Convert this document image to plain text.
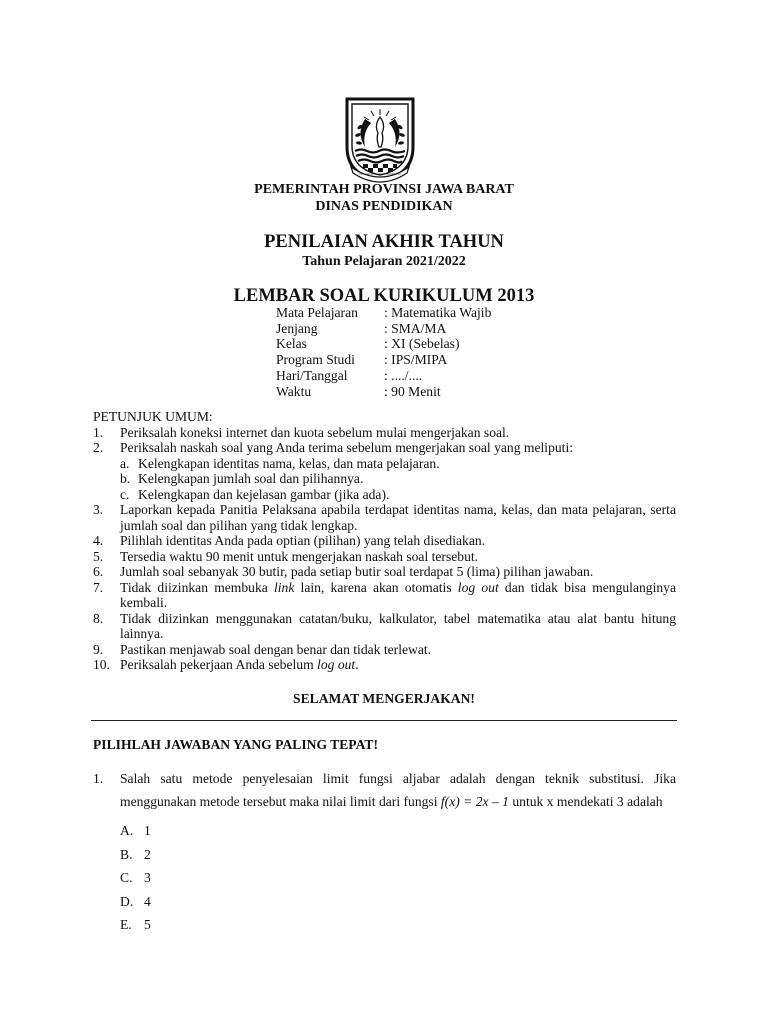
PEMERINTAH PROVINSI JAWA BARAT
DINAS PENDIDIKAN
PENILAIAN AKHIR TAHUN
Tahun Pelajaran 2021/2022
LEMBAR SOAL KURIKULUM 2013
Mata Pelajaran	: Matematika Wajib
Jenjang	: SMA/MA
Kelas	: XI (Sebelas)
Program Studi	: IPS/MIPA
Hari/Tanggal	: ..../....
Waktu	: 90 Menit
PETUNJUK UMUM:
1.	Periksalah koneksi internet dan kuota sebelum mulai mengerjakan soal.
2.	Periksalah naskah soal yang Anda terima sebelum mengerjakan soal yang meliputi:
a. Kelengkapan identitas nama, kelas, dan mata pelajaran.
b. Kelengkapan jumlah soal dan pilihannya.
c. Kelengkapan dan kejelasan gambar (jika ada).
3.	Laporkan kepada Panitia Pelaksana apabila terdapat identitas nama, kelas, dan mata pelajaran, serta jumlah soal dan pilihan yang tidak lengkap.
4.	Pilihlah identitas Anda pada optian (pilihan) yang telah disediakan.
5.	Tersedia waktu 90 menit untuk mengerjakan naskah soal tersebut.
6.	Jumlah soal sebanyak 30 butir, pada setiap butir soal terdapat 5 (lima) pilihan jawaban.
7.	Tidak diizinkan membuka link lain, karena akan otomatis log out dan tidak bisa mengulanginya kembali.
8.	Tidak diizinkan menggunakan catatan/buku, kalkulator, tabel matematika atau alat bantu hitung lainnya.
9.	Pastikan menjawab soal dengan benar dan tidak terlewat.
10. Periksalah pekerjaan Anda sebelum log out.
SELAMAT MENGERJAKAN!
PILIHLAH JAWABAN YANG PALING TEPAT!
1.	Salah satu metode penyelesaian limit fungsi aljabar adalah dengan teknik substitusi. Jika menggunakan metode tersebut maka nilai limit dari fungsi f(x) = 2x – 1 untuk x mendekati 3 adalah
A. 1
B. 2
C. 3
D. 4
E. 5
